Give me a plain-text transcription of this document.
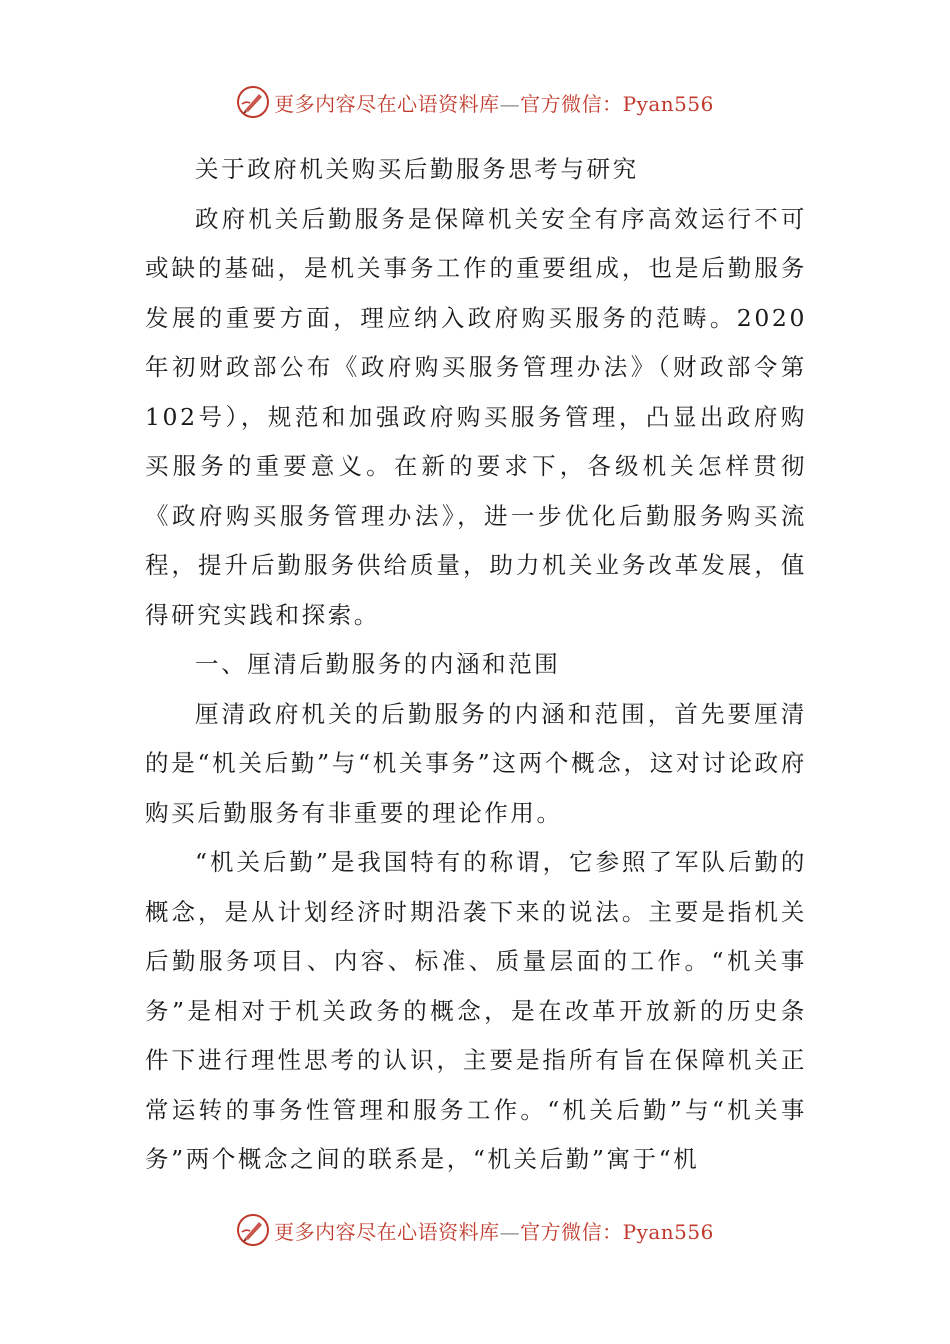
更多内容尽在心语资料库—官方微信：Pyan556
关于政府机关购买后勤服务思考与研究

政府机关后勤服务是保障机关安全有序高效运行不可或缺的基础，是机关事务工作的重要组成，也是后勤服务发展的重要方面，理应纳入政府购买服务的范畴。2020年初财政部公布《政府购买服务管理办法》（财政部令第102号），规范和加强政府购买服务管理，凸显出政府购买服务的重要意义。在新的要求下，各级机关怎样贯彻《政府购买服务管理办法》，进一步优化后勤服务购买流程，提升后勤服务供给质量，助力机关业务改革发展，值得研究实践和探索。

一、厘清后勤服务的内涵和范围

厘清政府机关的后勤服务的内涵和范围，首先要厘清的是“机关后勤”与“机关事务”这两个概念，这对讨论政府购买后勤服务有非重要的理论作用。

“机关后勤”是我国特有的称谓，它参照了军队后勤的概念，是从计划经济时期沿袭下来的说法。主要是指机关后勤服务项目、内容、标准、质量层面的工作。“机关事务”是相对于机关政务的概念，是在改革开放新的历史条件下进行理性思考的认识，主要是指所有旨在保障机关正常运转的事务性管理和服务工作。“机关后勤”与“机关事务”两个概念之间的联系是，“机关后勤”寓于“机

更多内容尽在心语资料库—官方微信：Pyan556
